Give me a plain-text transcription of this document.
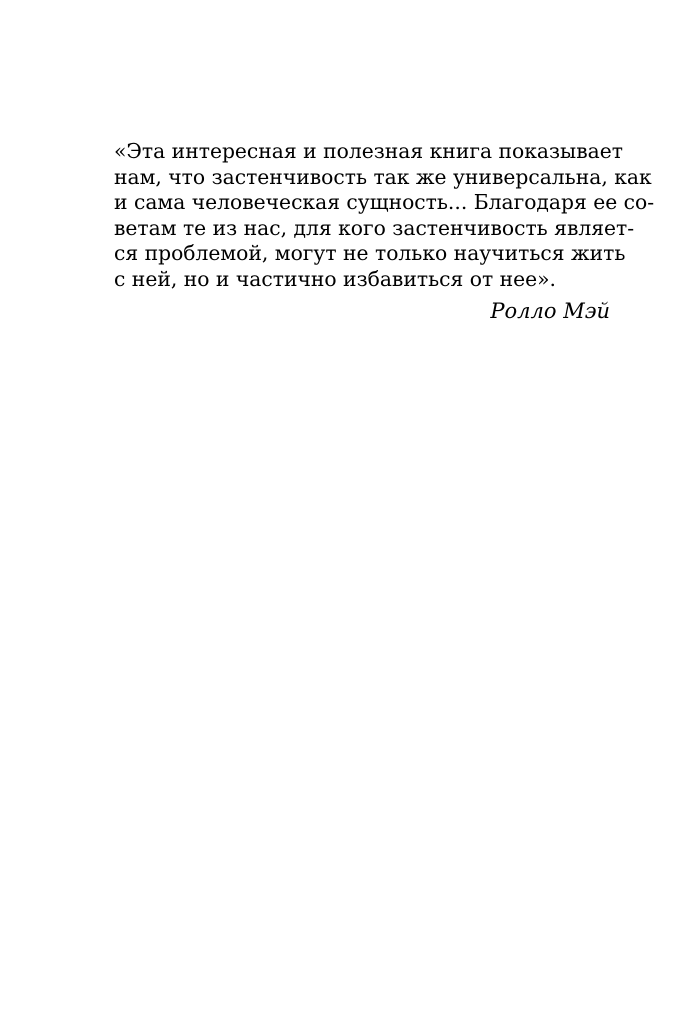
«Эта интересная и полезная книга показывает
нам, что застенчивость так же универсальна, как
и сама человеческая сущность... Благодаря ее со-
ветам те из нас, для кого застенчивость являет-
ся проблемой, могут не только научиться жить
с ней, но и частично избавиться от нее».
Ролло Мэй
